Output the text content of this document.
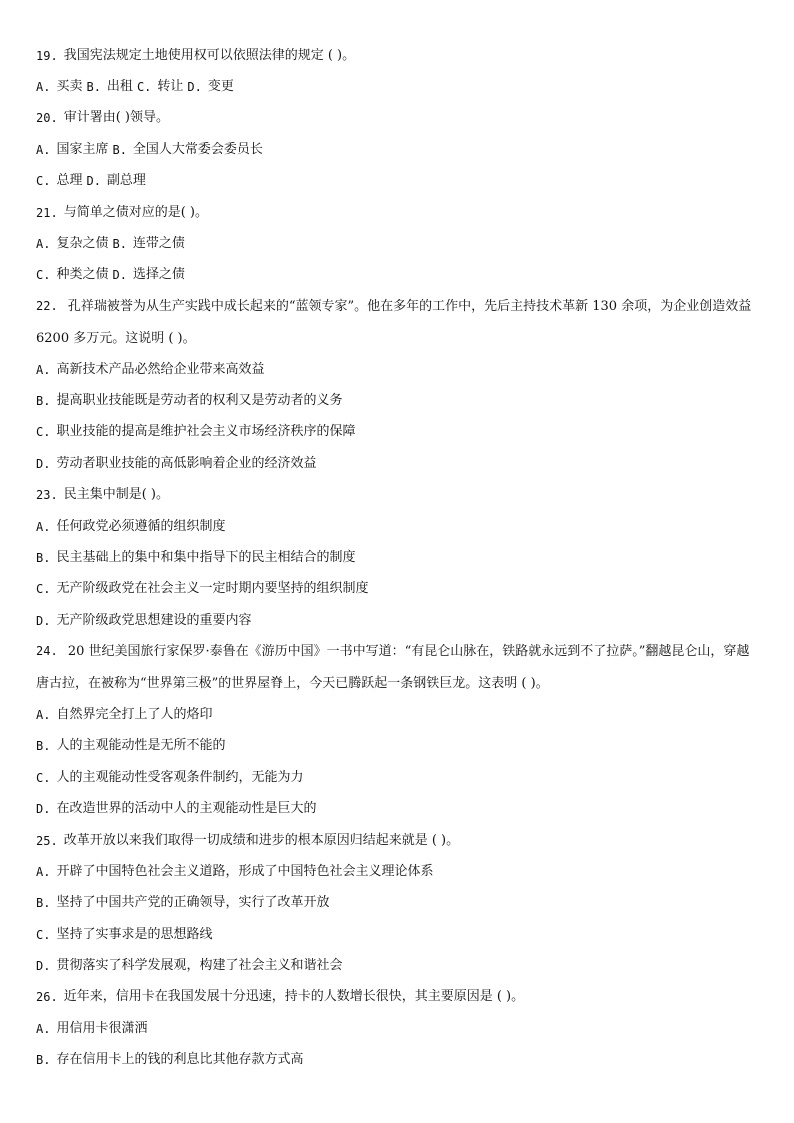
19. 我国宪法规定土地使用权可以依照法律的规定 ( )。
A. 买卖 B. 出租 C. 转让 D. 变更
20. 审计署由( )领导。
A. 国家主席 B. 全国人大常委会委员长
C. 总理 D. 副总理
21. 与简单之债对应的是( )。
A. 复杂之债 B. 连带之债
C. 种类之债 D. 选择之债
22. 孔祥瑞被誉为从生产实践中成长起来的“蓝领专家”。他在多年的工作中，先后主持技术革新 130 余项，为企业创造效益 6200 多万元。这说明 ( )。
A. 高新技术产品必然给企业带来高效益
B. 提高职业技能既是劳动者的权利又是劳动者的义务
C. 职业技能的提高是维护社会主义市场经济秩序的保障
D. 劳动者职业技能的高低影响着企业的经济效益
23. 民主集中制是( )。
A. 任何政党必须遵循的组织制度
B. 民主基础上的集中和集中指导下的民主相结合的制度
C. 无产阶级政党在社会主义一定时期内要坚持的组织制度
D. 无产阶级政党思想建设的重要内容
24. 20 世纪美国旅行家保罗·泰鲁在《游历中国》一书中写道：“有昆仑山脉在，铁路就永远到不了拉萨。”翻越昆仑山，穿越唐古拉，在被称为“世界第三极”的世界屋脊上，今天已腾跃起一条钢铁巨龙。这表明 ( )。
A. 自然界完全打上了人的烙印
B. 人的主观能动性是无所不能的
C. 人的主观能动性受客观条件制约，无能为力
D. 在改造世界的活动中人的主观能动性是巨大的
25. 改革开放以来我们取得一切成绩和进步的根本原因归结起来就是 ( )。
A. 开辟了中国特色社会主义道路，形成了中国特色社会主义理论体系
B. 坚持了中国共产党的正确领导，实行了改革开放
C. 坚持了实事求是的思想路线
D. 贯彻落实了科学发展观，构建了社会主义和谐社会
26. 近年来，信用卡在我国发展十分迅速，持卡的人数增长很快，其主要原因是 ( )。
A. 用信用卡很潇洒
B. 存在信用卡上的钱的利息比其他存款方式高
